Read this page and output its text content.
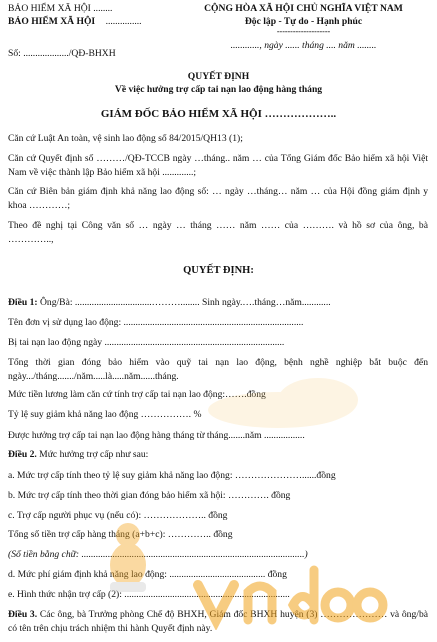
BẢO HIỂM XÃ HỘI ........
BẢO HIỂM XÃ HỘI ...............
Số: .................../QĐ-BHXH
CỘNG HÒA XÃ HỘI CHỦ NGHĨA VIỆT NAM
Độc lập - Tự do - Hạnh phúc
--------------------
............, ngày ...... tháng .... năm ........
QUYẾT ĐỊNH
Về việc hưởng trợ cấp tai nạn lao động hàng tháng
GIÁM ĐỐC BẢO HIỂM XÃ HỘI ………………..
Căn cứ Luật An toàn, vệ sinh lao động số 84/2015/QH13 (1);
Căn cứ Quyết định số ………/QĐ-TCCB ngày …tháng.. năm … của Tổng Giám đốc Bảo hiểm xã hội Việt Nam về việc thành lập Bảo hiểm xã hội .............;
Căn cứ Biên bản giám định khả năng lao động số: … ngày …tháng… năm … của Hội đồng giám định y khoa …………;
Theo đề nghị tại Công văn số … ngày … tháng …… năm …… của ………. và hồ sơ của ông, bà …………..,
QUYẾT ĐỊNH:
Điều 1: Ông/Bà: ................................………........ Sinh ngày.….tháng…năm............
Tên đơn vị sử dụng lao động: ...........................................................................
Bị tai nạn lao động ngày ...........................................................................
Tổng thời gian đóng bảo hiểm vào quỹ tai nạn lao động, bệnh nghề nghiệp bắt buộc đến ngày.../tháng......./năm.....là.....năm......tháng.
Mức tiền lương làm căn cứ tính trợ cấp tai nạn lao động:…….đồng
Tỷ lệ suy giảm khả năng lao động ……………. %
Được hưởng trợ cấp tai nạn lao động hàng tháng từ tháng.......năm .................
Điều 2. Mức hưởng trợ cấp như sau:
a. Mức trợ cấp tính theo tỷ lệ suy giảm khả năng lao động: …………………......đồng
b. Mức trợ cấp tính theo thời gian đóng bảo hiểm xã hội: …………. đồng
c. Trợ cấp người phục vụ (nếu có): ……………….. đồng
Tổng số tiền trợ cấp hàng tháng (a+b+c): ………….. đồng
(Số tiền bằng chữ: .............................................................................................)
d. Mức phí giám định khả năng lao động: ........................................ đồng
e. Hình thức nhận trợ cấp (2): .....................................................................
Điều 3. Các ông, bà Trưởng phòng Chế độ BHXH, Giám đốc BHXH huyện (3) ………………… và ông/bà có tên trên chịu trách nhiệm thi hành Quyết định này.
